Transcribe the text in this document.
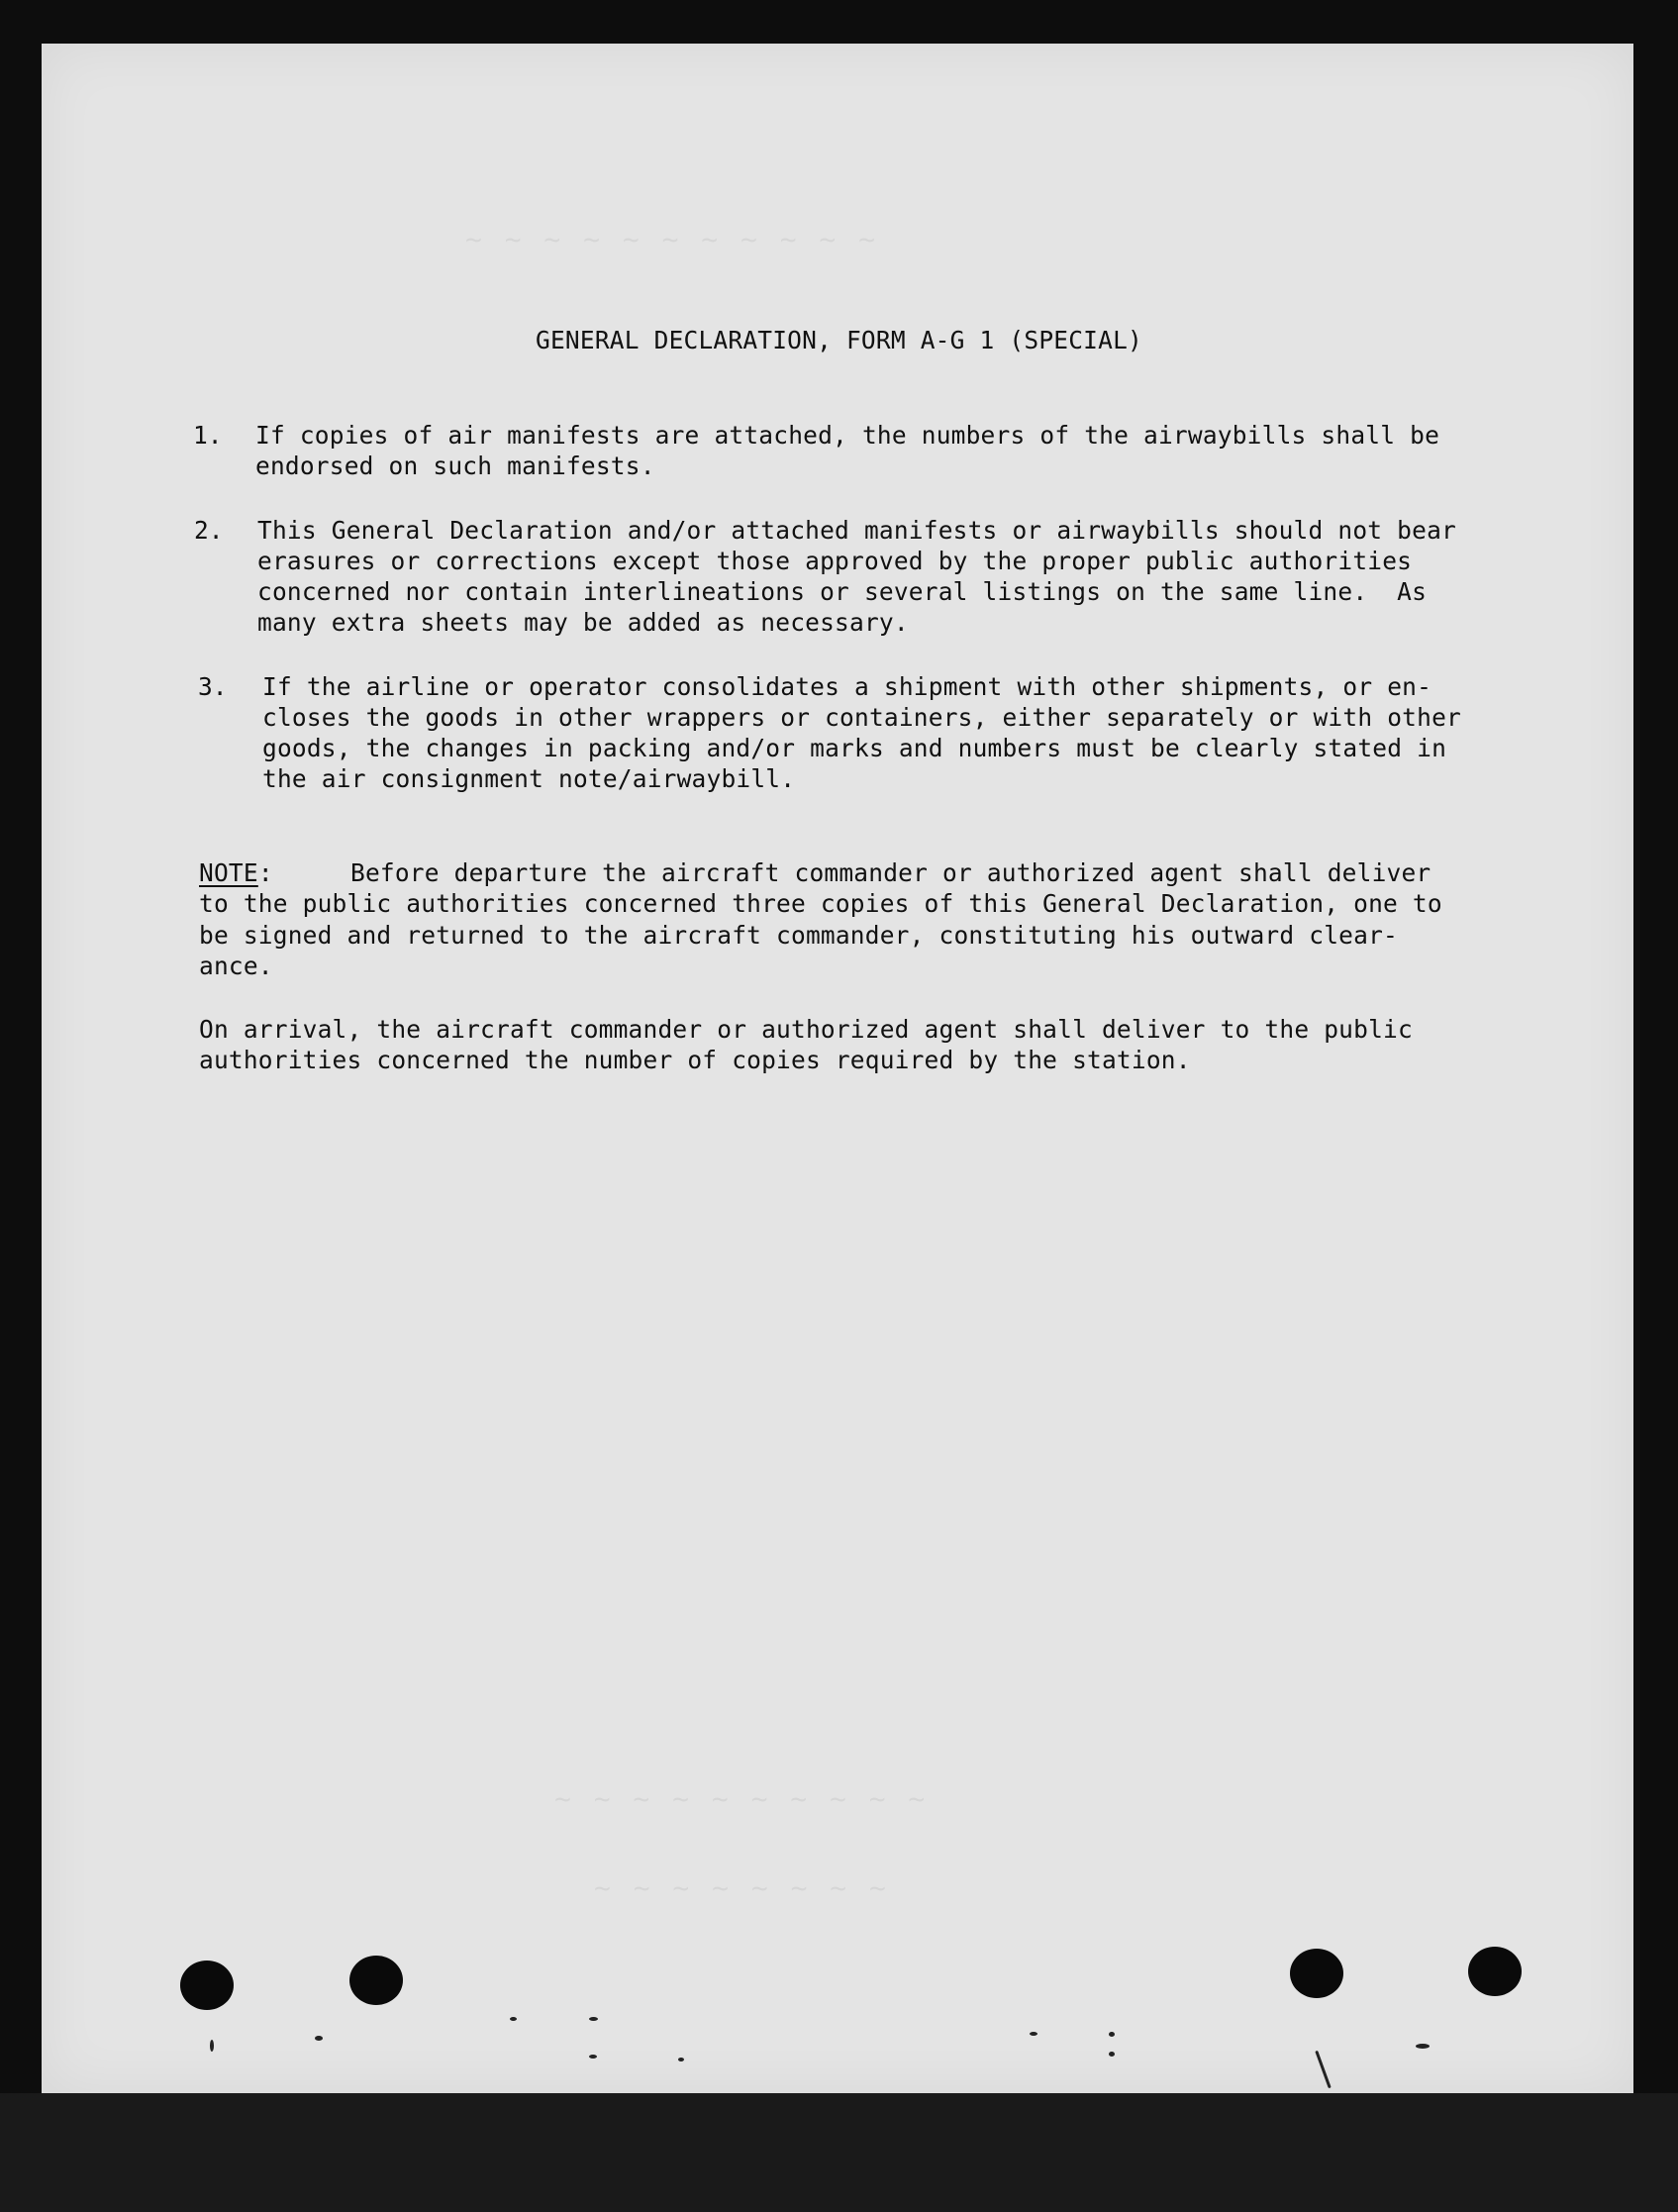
~ ~ ~ ~ ~ ~ ~ ~ ~ ~ ~
~ ~ ~ ~ ~ ~ ~ ~ ~ ~
~ ~ ~ ~ ~ ~ ~ ~
GENERAL DECLARATION, FORM A-G 1 (SPECIAL)
1. If copies of air manifests are attached, the numbers of the airwaybills shall be
endorsed on such manifests.
2. This General Declaration and/or attached manifests or airwaybills should not bear
erasures or corrections except those approved by the proper public authorities
concerned nor contain interlineations or several listings on the same line.  As
many extra sheets may be added as necessary.
3. If the airline or operator consolidates a shipment with other shipments, or en-
closes the goods in other wrappers or containers, either separately or with other
goods, the changes in packing and/or marks and numbers must be clearly stated in
the air consignment note/airwaybill.
NOTE:	Before departure the aircraft commander or authorized agent shall deliver
to the public authorities concerned three copies of this General Declaration, one to
be signed and returned to the aircraft commander, constituting his outward clear-
ance.
On arrival, the aircraft commander or authorized agent shall deliver to the public
authorities concerned the number of copies required by the station.
